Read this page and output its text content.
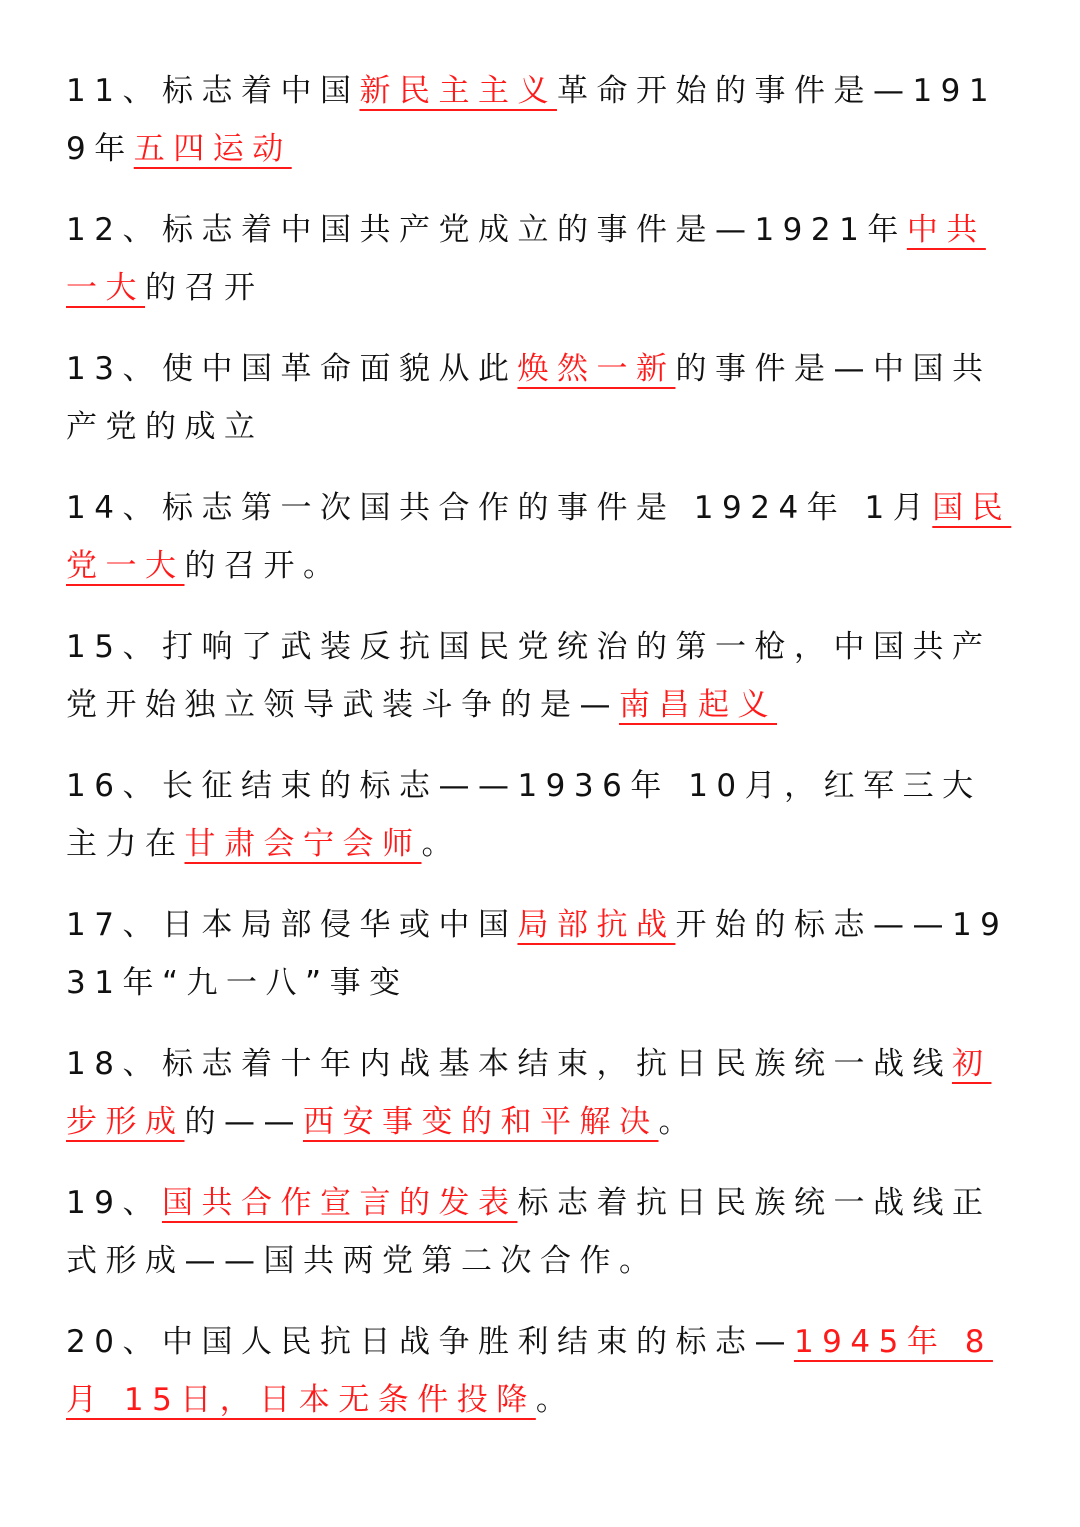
11、标志着中国新民主主义革命开始的事件是—1919年五四运动

12、标志着中国共产党成立的事件是—1921年中共一大的召开

13、使中国革命面貌从此焕然一新的事件是—中国共产党的成立

14、标志第一次国共合作的事件是 1924年 1月国民党一大的召开。

15、打响了武装反抗国民党统治的第一枪，中国共产党开始独立领导武装斗争的是—南昌起义

16、长征结束的标志——1936年 10月，红军三大主力在甘肃会宁会师。

17、日本局部侵华或中国局部抗战开始的标志——1931年“九一八”事变

18、标志着十年内战基本结束，抗日民族统一战线初步形成的——西安事变的和平解决。

19、国共合作宣言的发表标志着抗日民族统一战线正式形成——国共两党第二次合作。

20、中国人民抗日战争胜利结束的标志—1945年 8月 15日，日本无条件投降。
